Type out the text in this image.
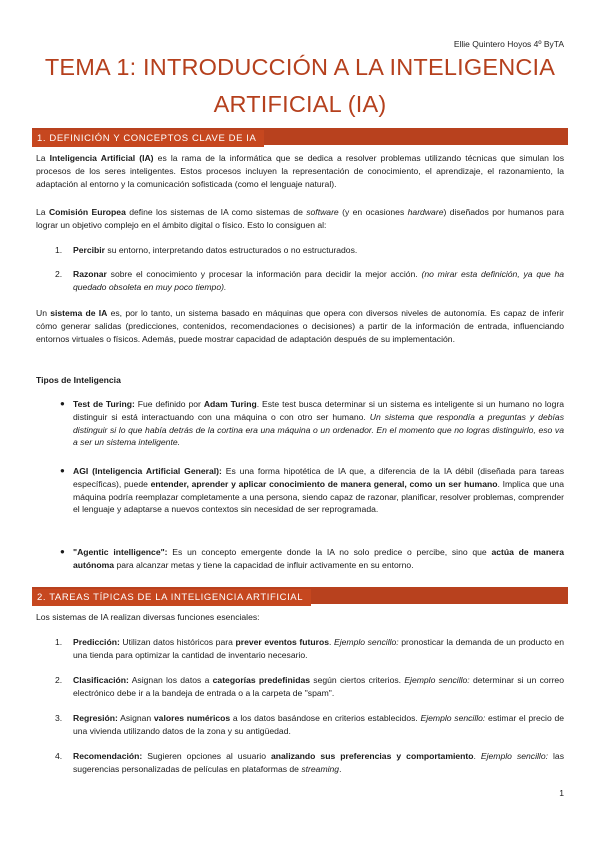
Ellie Quintero Hoyos 4º ByTA
TEMA 1: INTRODUCCIÓN A LA INTELIGENCIA
ARTIFICIAL (IA)
1. DEFINICIÓN Y CONCEPTOS CLAVE DE IA

La Inteligencia Artificial (IA) es la rama de la informática que se dedica a resolver problemas utilizando técnicas que simulan los procesos de los seres inteligentes. Estos procesos incluyen la representación de conocimiento, el aprendizaje, el razonamiento, la adaptación al entorno y la comunicación sofisticada (como el lenguaje natural).

La Comisión Europea define los sistemas de IA como sistemas de software (y en ocasiones hardware) diseñados por humanos para lograr un objetivo complejo en el ámbito digital o físico. Esto lo consiguen al:

1. Percibir su entorno, interpretando datos estructurados o no estructurados.

2. Razonar sobre el conocimiento y procesar la información para decidir la mejor acción. (no mirar esta definición, ya que ha quedado obsoleta en muy poco tiempo).

Un sistema de IA es, por lo tanto, un sistema basado en máquinas que opera con diversos niveles de autonomía. Es capaz de inferir cómo generar salidas (predicciones, contenidos, recomendaciones o decisiones) a partir de la información de entrada, influenciando entornos virtuales o físicos. Además, puede mostrar capacidad de adaptación después de su implementación.

Tipos de Inteligencia
● Test de Turing: Fue definido por Adam Turing. Este test busca determinar si un sistema es inteligente si un humano no logra distinguir si está interactuando con una máquina o con otro ser humano. Un sistema que respondía a preguntas y debías distinguir si lo que había detrás de la cortina era una máquina o un ordenador. En el momento que no logras distinguirlo, eso va a ser un sistema inteligente.

● AGI (Inteligencia Artificial General): Es una forma hipotética de IA que, a diferencia de la IA débil (diseñada para tareas específicas), puede entender, aprender y aplicar conocimiento de manera general, como un ser humano. Implica que una máquina podría reemplazar completamente a una persona, siendo capaz de razonar, planificar, resolver problemas, comprender el lenguaje y adaptarse a nuevos contextos sin necesidad de ser reprogramada.

● "Agentic intelligence": Es un concepto emergente donde la IA no solo predice o percibe, sino que actúa de manera autónoma para alcanzar metas y tiene la capacidad de influir activamente en su entorno.

2. TAREAS TÍPICAS DE LA INTELIGENCIA ARTIFICIAL

Los sistemas de IA realizan diversas funciones esenciales:

1. Predicción: Utilizan datos históricos para prever eventos futuros. Ejemplo sencillo: pronosticar la demanda de un producto en una tienda para optimizar la cantidad de inventario necesario.

2. Clasificación: Asignan los datos a categorías predefinidas según ciertos criterios. Ejemplo sencillo: determinar si un correo electrónico debe ir a la bandeja de entrada o a la carpeta de "spam".

3. Regresión: Asignan valores numéricos a los datos basándose en criterios establecidos. Ejemplo sencillo: estimar el precio de una vivienda utilizando datos de la zona y su antigüedad.

4. Recomendación: Sugieren opciones al usuario analizando sus preferencias y comportamiento. Ejemplo sencillo: las sugerencias personalizadas de películas en plataformas de streaming.

1
